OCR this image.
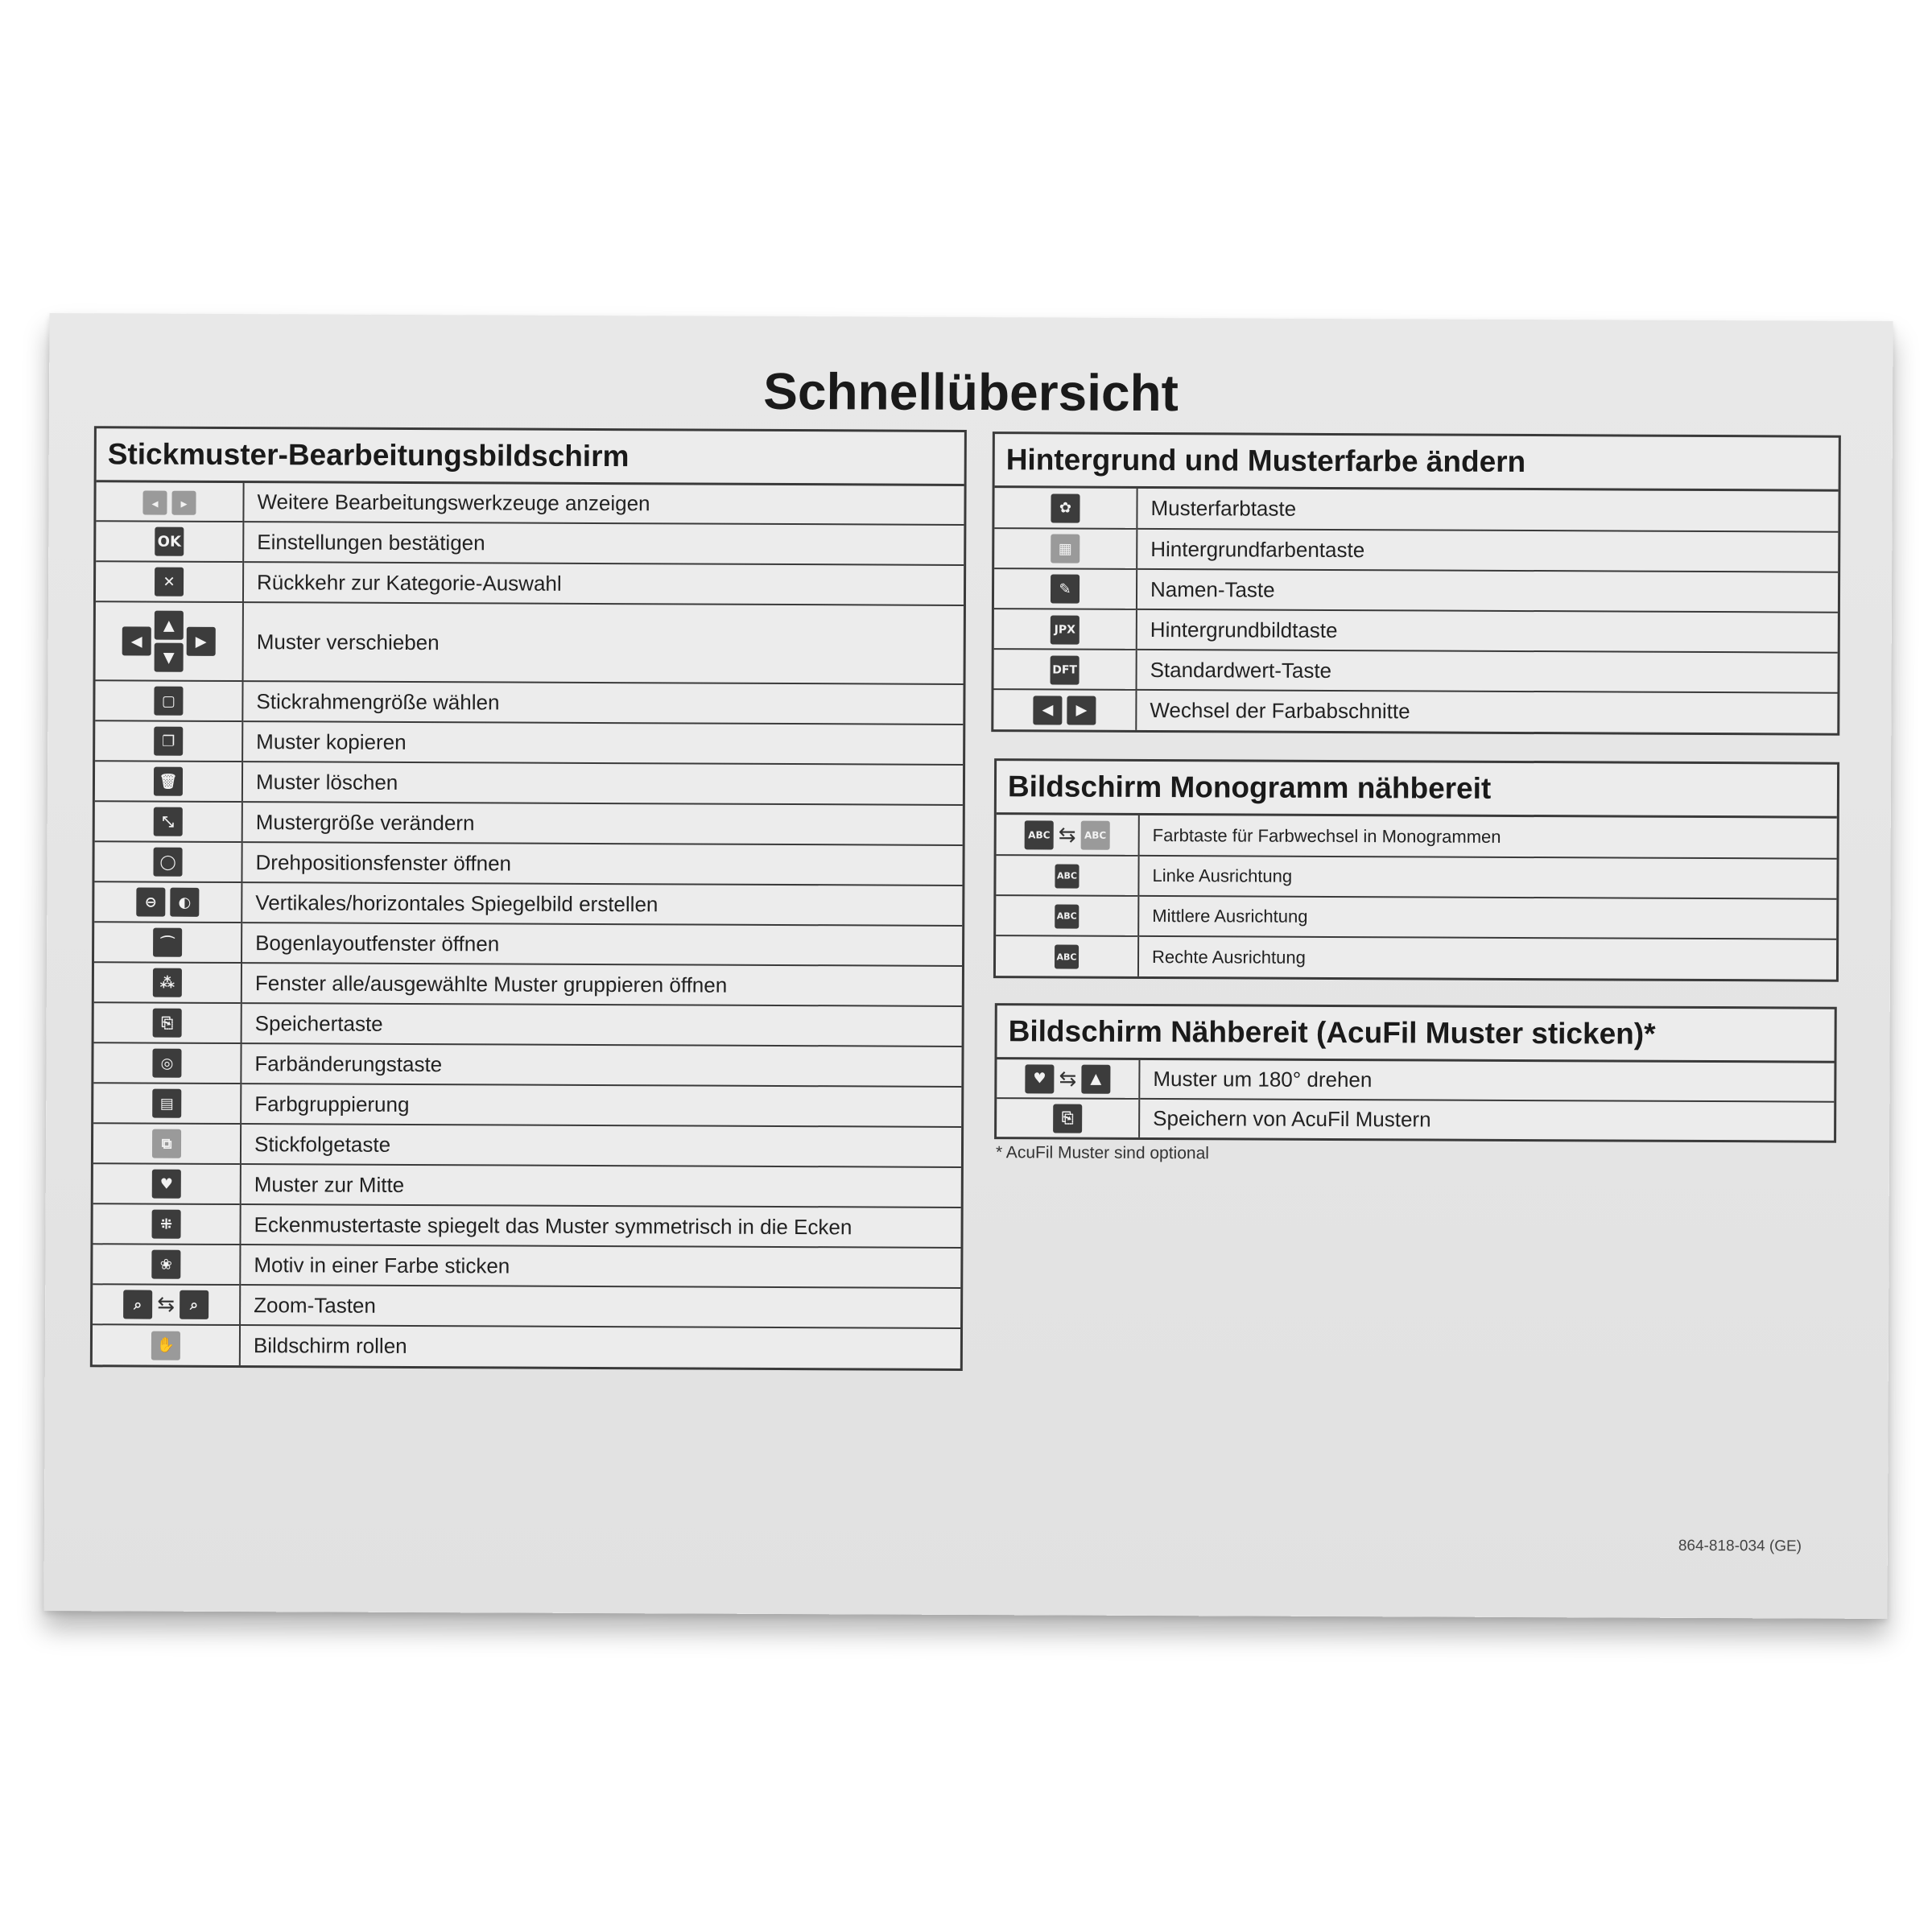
Schnellübersicht
Stickmuster-Bearbeitungsbildschirm
◂ ▸	Weitere Bearbeitungswerkzeuge anzeigen
OK	Einstellungen bestätigen
✕	Rückkehr zur Kategorie-Auswahl

◀
▲
▼
▶	Muster verschieben
▢	Stickrahmengröße wählen
❐	Muster kopieren
🗑	Muster löschen
⤡	Mustergröße verändern
◯	Drehpositionsfenster öffnen

⊖ ◐	Vertikales/horizontales Spiegelbild erstellen
⌒	Bogenlayoutfenster öffnen
⁂	Fenster alle/ausgewählte Muster gruppieren öffnen
⎘	Speichertaste
◎	Farbänderungstaste
▤	Farbgruppierung
⧉	Stickfolgetaste
♥	Muster zur Mitte
⁜	Eckenmustertaste spiegelt das Muster symmetrisch in die Ecken
❀	Motiv in einer Farbe sticken

⌕ ⇆ ⌕	Zoom-Tasten
✋	Bildschirm rollen
Hintergrund und Musterfarbe ändern
✿	Musterfarbtaste
▦	Hintergrundfarbentaste
✎	Namen-Taste
JPX	Hintergrundbildtaste
DFT	Standardwert-Taste

◀ ▶	Wechsel der Farbabschnitte
Bildschirm Monogramm nähbereit
ABC ⇆ ABC	Farbtaste für Farbwechsel in Monogrammen
ABC	Linke Ausrichtung
ABC	Mittlere Ausrichtung
ABC	Rechte Ausrichtung
Bildschirm Nähbereit (AcuFil Muster sticken)*
♥ ⇆ ▲	Muster um 180° drehen
⎘	Speichern von AcuFil Mustern
* AcuFil Muster sind optional
864-818-034 (GE)
